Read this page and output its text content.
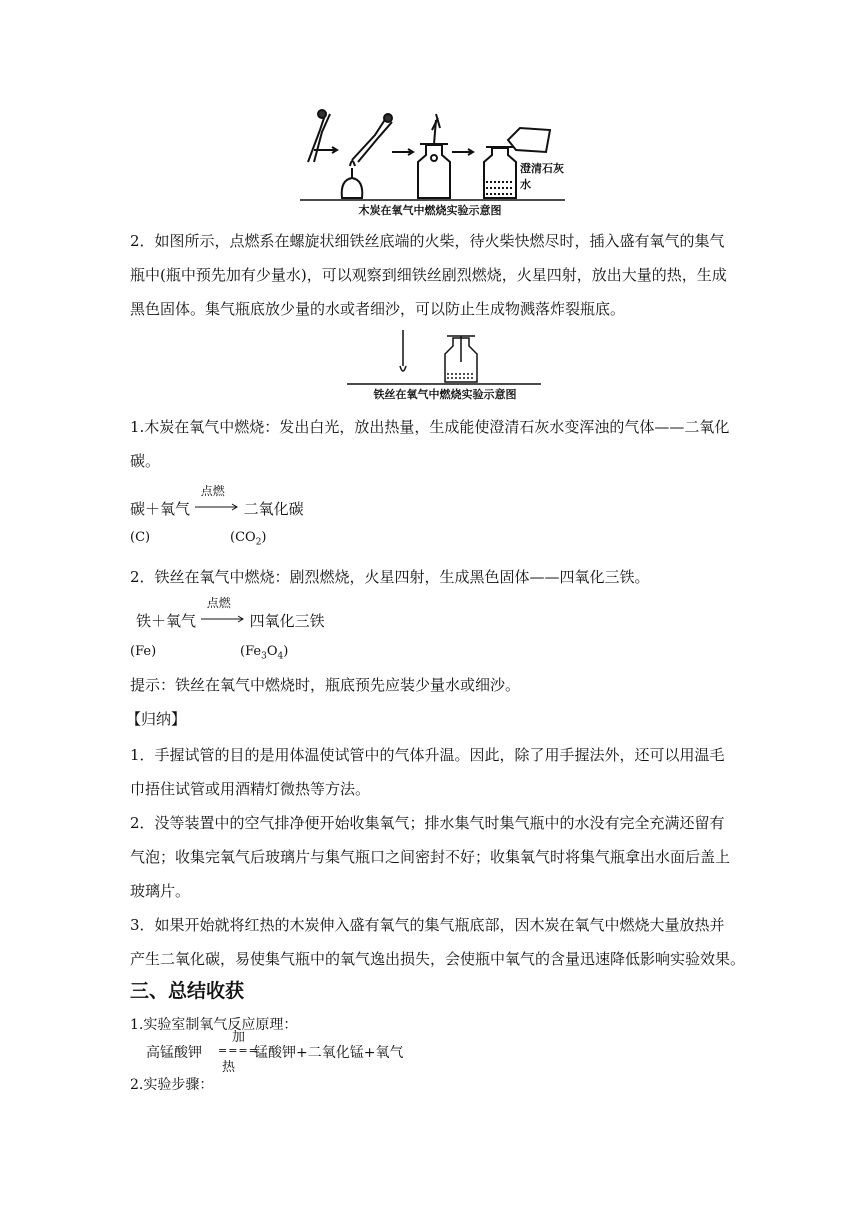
澄清石灰水
木炭在氧气中燃烧实验示意图
2．如图所示，点燃系在螺旋状细铁丝底端的火柴，待火柴快燃尽时，插入盛有氧气的集气
瓶中(瓶中预先加有少量水)，可以观察到细铁丝剧烈燃烧，火星四射，放出大量的热，生成
黑色固体。集气瓶底放少量的水或者细沙，可以防止生成物溅落炸裂瓶底。
铁丝在氧气中燃烧实验示意图
1.木炭在氧气中燃烧：发出白光，放出热量，生成能使澄清石灰水变浑浊的气体——二氧化
碳。
碳＋氧气
点燃
二氧化碳
(C)	$(CO_2)$
2．铁丝在氧气中燃烧：剧烈燃烧，火星四射，生成黑色固体——四氧化三铁。
铁＋氧气
点燃
四氧化三铁
(Fe)	$(Fe_3O_4)$
提示：铁丝在氧气中燃烧时，瓶底预先应装少量水或细沙。
【归纳】
1．手握试管的目的是用体温使试管中的气体升温。因此，除了用手握法外，还可以用温毛
巾捂住试管或用酒精灯微热等方法。
2．没等装置中的空气排净便开始收集氧气；排水集气时集气瓶中的水没有完全充满还留有
气泡；收集完氧气后玻璃片与集气瓶口之间密封不好；收集氧气时将集气瓶拿出水面后盖上
玻璃片。
3．如果开始就将红热的木炭伸入盛有氧气的集气瓶底部，因木炭在氧气中燃烧大量放热并
产生二氧化碳，易使集气瓶中的氧气逸出损失，会使瓶中氧气的含量迅速降低影响实验效果。
三、总结收获
1.实验室制氧气反应原理：
高锰酸钾
加
====
热
锰酸钾+二氧化锰+氧气
2.实验步骤：
